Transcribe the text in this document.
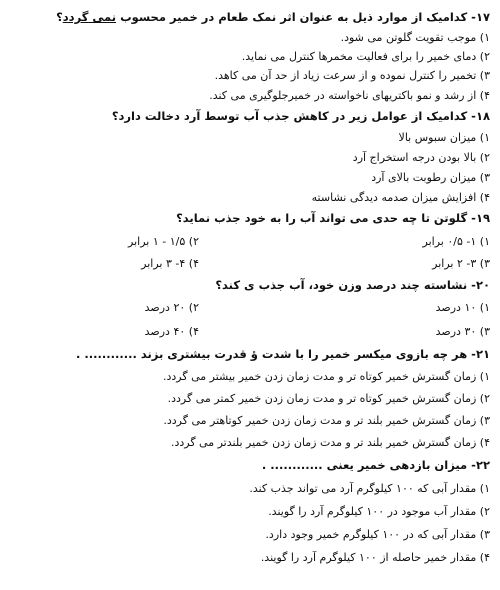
۱۷- کدامیک از موارد ذیل به عنوان اثر نمک طعام در خمیر محسوب نمی گردد؟
۱) موجب تقویت گلوتن می شود.
۲) دمای خمیر را برای فعالیت مخمرها کنترل می نماید.
۳) تخمیر را کنترل نموده و از سرعت زیاد از حد آن می کاهد.
۴) از رشد و نمو باکتریهای ناخواسته در خمیرجلوگیری می کند.
۱۸- کدامیک از عوامل زیر در کاهش جذب آب توسط آرد دخالت دارد؟
۱) میزان سبوس بالا
۲) بالا بودن درجه استخراج آرد
۳) میزان رطوبت بالای آرد
۴) افزایش میزان صدمه دیدگی نشاسته
۱۹- گلوتن تا چه حدی می تواند آب را به خود جذب نماید؟
۱) ۱- ۰/۵ برابر
۲) ۱/۵ - ۱ برابر
۳) ۳- ۲ برابر
۴) ۴- ۳ برابر
۲۰- نشاسته چند درصد وزن خود، آب جذب ی کند؟
۱) ۱۰ درصد
۲) ۲۰ درصد
۳) ۳۰ درصد
۴) ۴۰ درصد
۲۱- هر چه بازوی میکسر خمیر را با شدت ؤ قدرت بیشتری بزند ............ .
۱) زمان گسترش خمیر کوتاه تر و مدت زمان زدن خمیر بیشتر می گردد.
۲) زمان گسترش خمیر کوتاه تر و مدت زمان زدن خمیر کمتر می گردد.
۳) زمان گسترش خمیر بلند تر و مدت زمان زدن خمیر کوتاهتر می گردد.
۴) زمان گسترش خمیر بلند تر و مدت زمان زدن خمیر بلندتر می گردد.
۲۲- میزان بازدهی خمیر یعنی ............ .
۱) مقدار آبی که ۱۰۰ کیلوگرم آرد می تواند جذب کند.
۲) مقدار آب موجود در ۱۰۰ کیلوگرم آرد را گویند.
۳) مقدار آبی که در ۱۰۰ کیلوگرم خمیر وجود دارد.
۴) مقدار خمیر حاصله از ۱۰۰ کیلوگرم آرد را گویند.
